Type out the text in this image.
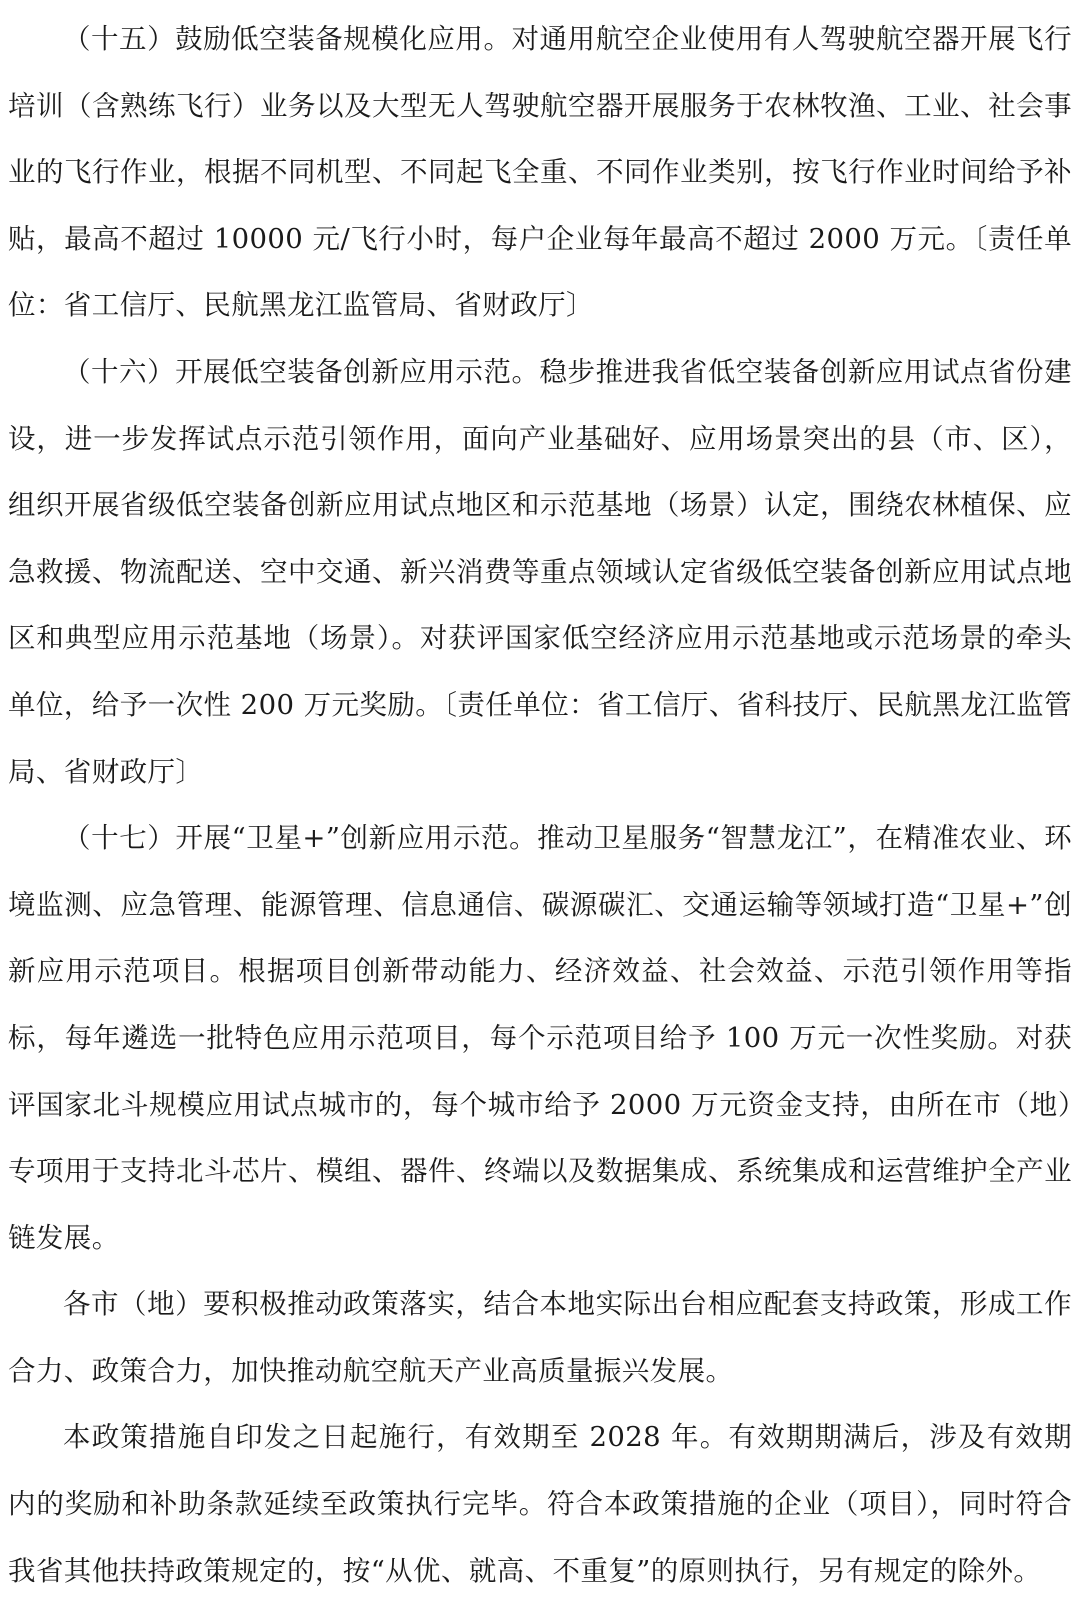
（十五）鼓励低空装备规模化应用。对通用航空企业使用有人驾驶航空器开展飞行培训（含熟练飞行）业务以及大型无人驾驶航空器开展服务于农林牧渔、工业、社会事业的飞行作业，根据不同机型、不同起飞全重、不同作业类别，按飞行作业时间给予补贴，最高不超过 10000 元/飞行小时，每户企业每年最高不超过 2000 万元。〔责任单位：省工信厅、民航黑龙江监管局、省财政厅〕

（十六）开展低空装备创新应用示范。稳步推进我省低空装备创新应用试点省份建设，进一步发挥试点示范引领作用，面向产业基础好、应用场景突出的县（市、区），组织开展省级低空装备创新应用试点地区和示范基地（场景）认定，围绕农林植保、应急救援、物流配送、空中交通、新兴消费等重点领域认定省级低空装备创新应用试点地区和典型应用示范基地（场景）。对获评国家低空经济应用示范基地或示范场景的牵头单位，给予一次性 200 万元奖励。〔责任单位：省工信厅、省科技厅、民航黑龙江监管局、省财政厅〕

（十七）开展“卫星+”创新应用示范。推动卫星服务“智慧龙江”，在精准农业、环境监测、应急管理、能源管理、信息通信、碳源碳汇、交通运输等领域打造“卫星+”创新应用示范项目。根据项目创新带动能力、经济效益、社会效益、示范引领作用等指标，每年遴选一批特色应用示范项目，每个示范项目给予 100 万元一次性奖励。对获评国家北斗规模应用试点城市的，每个城市给予 2000 万元资金支持，由所在市（地）专项用于支持北斗芯片、模组、器件、终端以及数据集成、系统集成和运营维护全产业链发展。

各市（地）要积极推动政策落实，结合本地实际出台相应配套支持政策，形成工作合力、政策合力，加快推动航空航天产业高质量振兴发展。

本政策措施自印发之日起施行，有效期至 2028 年。有效期期满后，涉及有效期内的奖励和补助条款延续至政策执行完毕。符合本政策措施的企业（项目），同时符合我省其他扶持政策规定的，按“从优、就高、不重复”的原则执行，另有规定的除外。
